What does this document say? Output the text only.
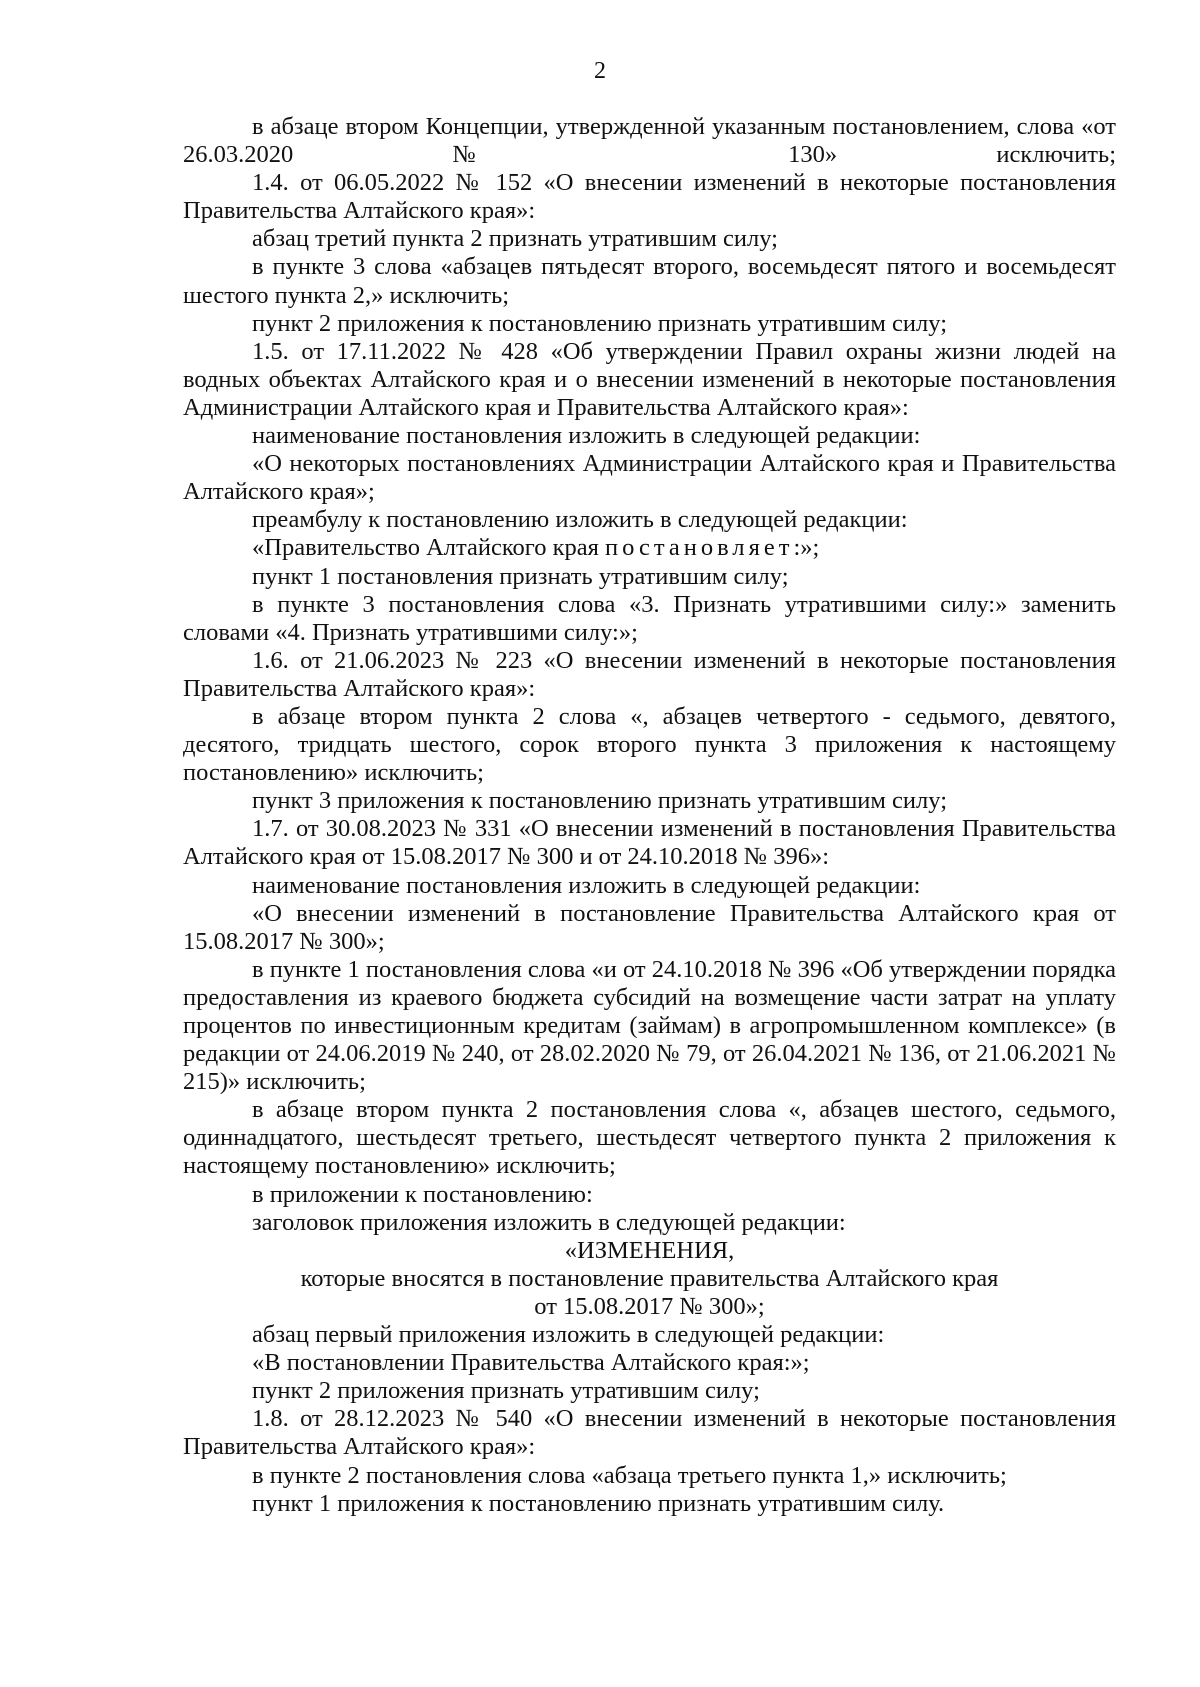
2

в абзаце втором Концепции, утвержденной указанным постановлением, слова «от 26.03.2020 № 130» исключить;

1.4. от 06.05.2022 № 152 «О внесении изменений в некоторые постановления Правительства Алтайского края»:

абзац третий пункта 2 признать утратившим силу;

в пункте 3 слова «абзацев пятьдесят второго, восемьдесят пятого и восемьдесят шестого пункта 2,» исключить;

пункт 2 приложения к постановлению признать утратившим силу;

1.5. от 17.11.2022 № 428 «Об утверждении Правил охраны жизни людей на водных объектах Алтайского края и о внесении изменений в некоторые постановления Администрации Алтайского края и Правительства Алтайского края»:

наименование постановления изложить в следующей редакции:

«О некоторых постановлениях Администрации Алтайского края и Правительства Алтайского края»;

преамбулу к постановлению изложить в следующей редакции:

«Правительство Алтайского края постановляет:»;

пункт 1 постановления признать утратившим силу;

в пункте 3 постановления слова «3. Признать утратившими силу:» заменить словами «4. Признать утратившими силу:»;

1.6. от 21.06.2023 № 223 «О внесении изменений в некоторые постановления Правительства Алтайского края»:

в абзаце втором пункта 2 слова «, абзацев четвертого - седьмого, девятого, десятого, тридцать шестого, сорок второго пункта 3 приложения к настоящему постановлению» исключить;

пункт 3 приложения к постановлению признать утратившим силу;

1.7. от 30.08.2023 № 331 «О внесении изменений в постановления Правительства Алтайского края от 15.08.2017 № 300 и от 24.10.2018 № 396»:

наименование постановления изложить в следующей редакции:

«О внесении изменений в постановление Правительства Алтайского края от 15.08.2017 № 300»;

в пункте 1 постановления слова «и от 24.10.2018 № 396 «Об утверждении порядка предоставления из краевого бюджета субсидий на возмещение части затрат на уплату процентов по инвестиционным кредитам (займам) в агропромышленном комплексе» (в редакции от 24.06.2019 № 240, от 28.02.2020 № 79, от 26.04.2021 № 136, от 21.06.2021 № 215)» исключить;

в абзаце втором пункта 2 постановления слова «, абзацев шестого, седьмого, одиннадцатого, шестьдесят третьего, шестьдесят четвертого пункта 2 приложения к настоящему постановлению» исключить;

в приложении к постановлению:

заголовок приложения изложить в следующей редакции:

«ИЗМЕНЕНИЯ,

которые вносятся в постановление правительства Алтайского края

от 15.08.2017 № 300»;

абзац первый приложения изложить в следующей редакции:

«В постановлении Правительства Алтайского края:»;

пункт 2 приложения признать утратившим силу;

1.8. от 28.12.2023 № 540 «О внесении изменений в некоторые постановления Правительства Алтайского края»:

в пункте 2 постановления слова «абзаца третьего пункта 1,» исключить;

пункт 1 приложения к постановлению признать утратившим силу.
